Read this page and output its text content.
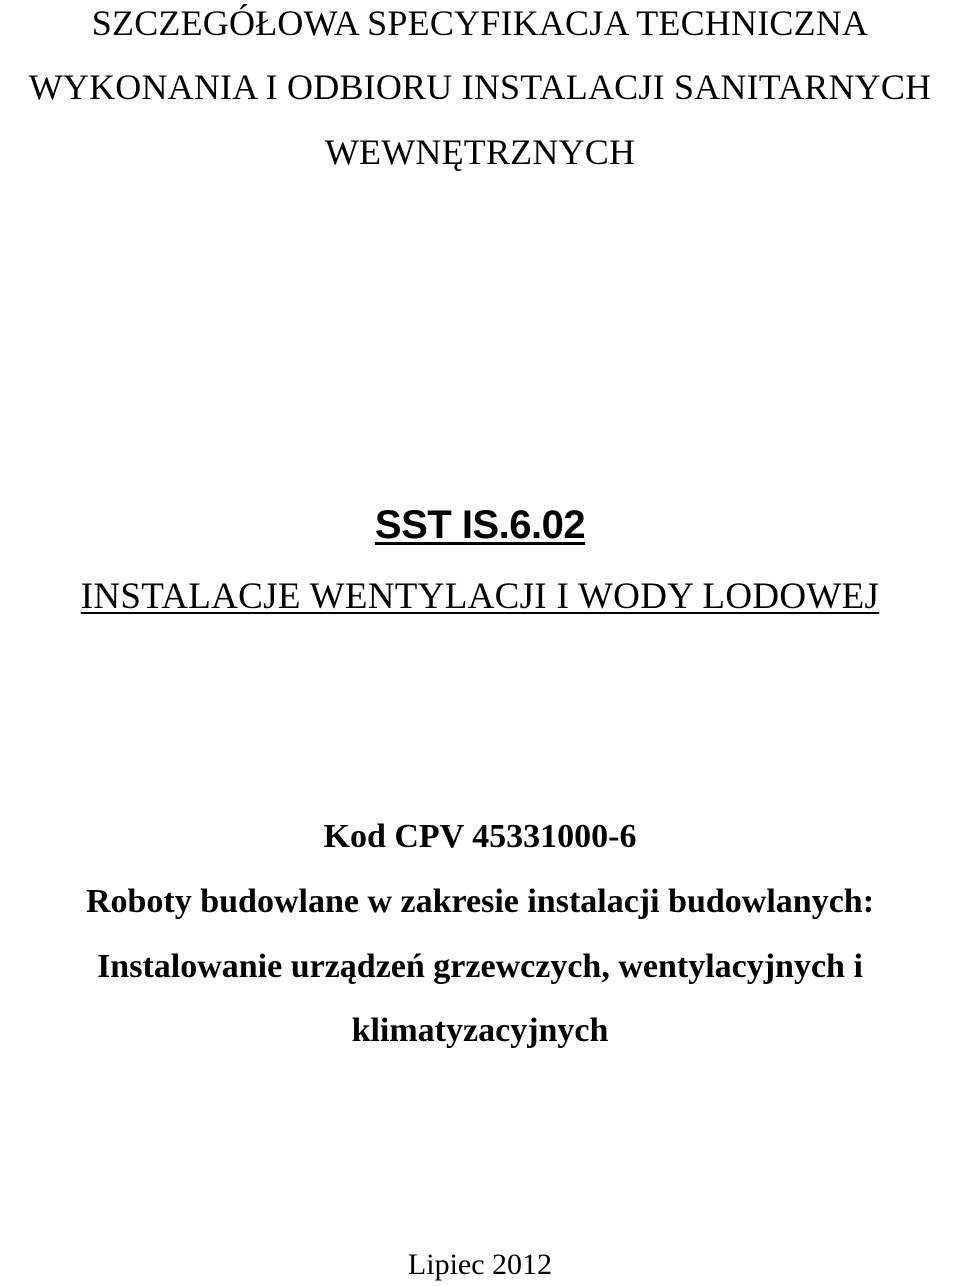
SZCZEGÓŁOWA SPECYFIKACJA TECHNICZNA
WYKONANIA I ODBIORU INSTALACJI SANITARNYCH
WEWNĘTRZNYCH
SST IS.6.02
INSTALACJE WENTYLACJI I WODY LODOWEJ
Kod CPV 45331000-6
Roboty budowlane w zakresie instalacji budowlanych:
Instalowanie urządzeń grzewczych, wentylacyjnych i
klimatyzacyjnych
Lipiec 2012
